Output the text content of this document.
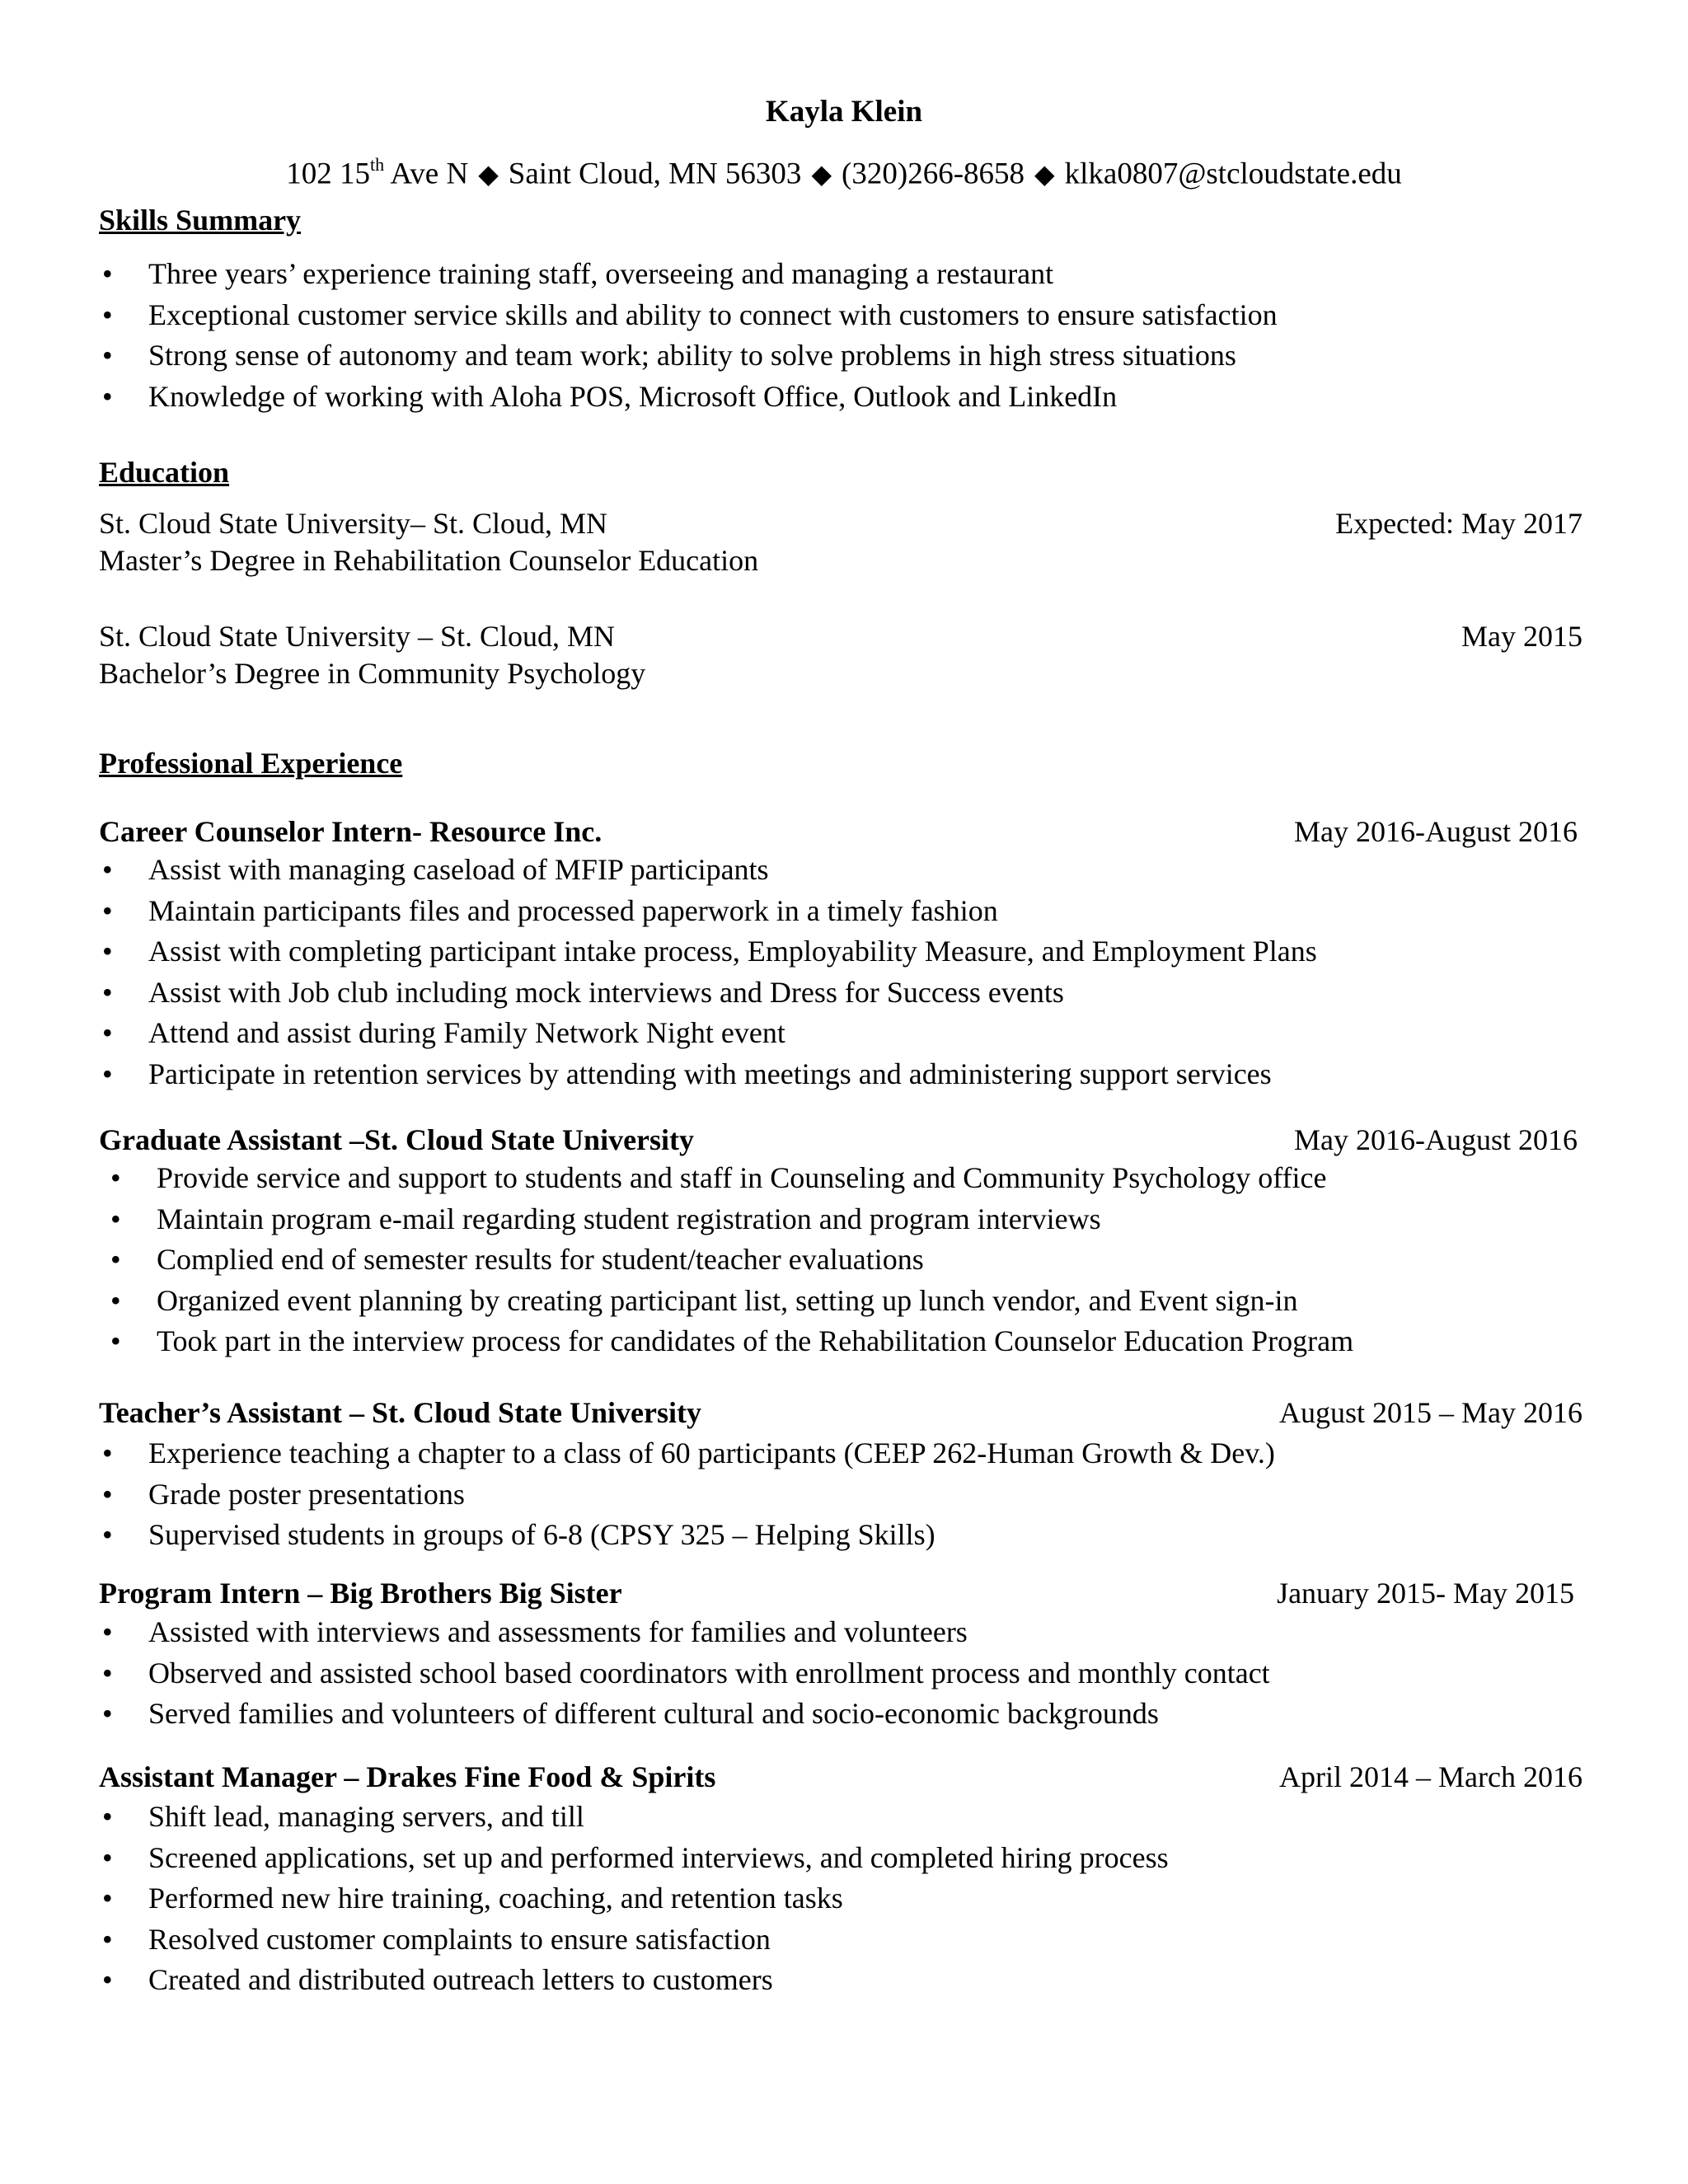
Kayla Klein
102 15th Ave N ◆ Saint Cloud, MN 56303 ◆ (320)266-8658 ◆ klka0807@stcloudstate.edu
Skills Summary
• Three years’ experience training staff, overseeing and managing a restaurant
• Exceptional customer service skills and ability to connect with customers to ensure satisfaction
• Strong sense of autonomy and team work; ability to solve problems in high stress situations
• Knowledge of working with Aloha POS, Microsoft Office, Outlook and LinkedIn
Education
St. Cloud State University– St. Cloud, MN	Expected: May 2017
Master’s Degree in Rehabilitation Counselor Education
St. Cloud State University – St. Cloud, MN	May 2015
Bachelor’s Degree in Community Psychology
Professional Experience
Career Counselor Intern- Resource Inc.	May 2016-August 2016
• Assist with managing caseload of MFIP participants
• Maintain participants files and processed paperwork in a timely fashion
• Assist with completing participant intake process, Employability Measure, and Employment Plans
• Assist with Job club including mock interviews and Dress for Success events
• Attend and assist during Family Network Night event
• Participate in retention services by attending with meetings and administering support services
Graduate Assistant –St. Cloud State University	May 2016-August 2016
• Provide service and support to students and staff in Counseling and Community Psychology office
• Maintain program e-mail regarding student registration and program interviews
• Complied end of semester results for student/teacher evaluations
• Organized event planning by creating participant list, setting up lunch vendor, and Event sign-in
• Took part in the interview process for candidates of the Rehabilitation Counselor Education Program
Teacher’s Assistant – St. Cloud State University	August 2015 – May 2016
• Experience teaching a chapter to a class of 60 participants (CEEP 262-Human Growth & Dev.)
• Grade poster presentations
• Supervised students in groups of 6-8 (CPSY 325 – Helping Skills)
Program Intern – Big Brothers Big Sister	January 2015- May 2015
• Assisted with interviews and assessments for families and volunteers
• Observed and assisted school based coordinators with enrollment process and monthly contact
• Served families and volunteers of different cultural and socio-economic backgrounds
Assistant Manager – Drakes Fine Food & Spirits	April 2014 – March 2016
• Shift lead, managing servers, and till
• Screened applications, set up and performed interviews, and completed hiring process
• Performed new hire training, coaching, and retention tasks
• Resolved customer complaints to ensure satisfaction
• Created and distributed outreach letters to customers
